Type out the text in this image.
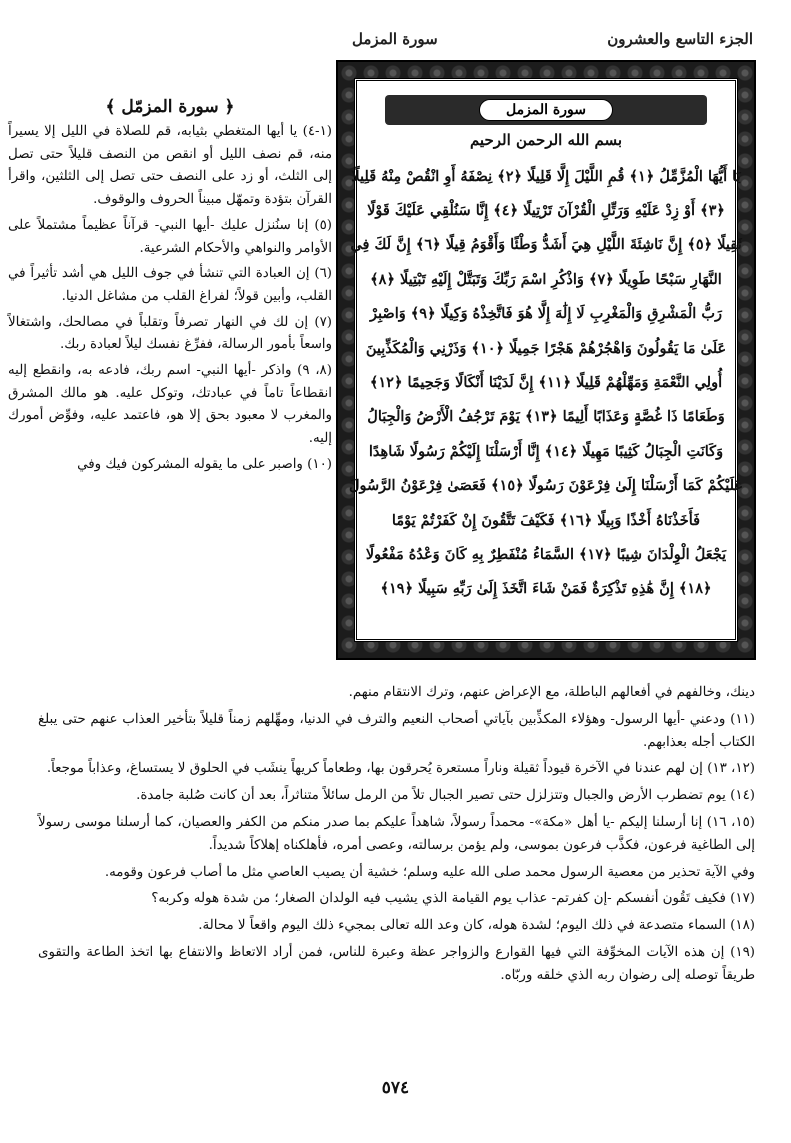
الجزء التاسع والعشرون
سورة المزمل
سورة المزمل
بسم الله الرحمن الرحيم
يَا أَيُّهَا الْمُزَّمِّلُ ﴿١﴾ قُمِ اللَّيْلَ إِلَّا قَلِيلًا ﴿٢﴾ نِصْفَهُ أَوِ انْقُصْ مِنْهُ قَلِيلًا
﴿٣﴾ أَوْ زِدْ عَلَيْهِ وَرَتِّلِ الْقُرْآنَ تَرْتِيلًا ﴿٤﴾ إِنَّا سَنُلْقِي عَلَيْكَ قَوْلًا
ثَقِيلًا ﴿٥﴾ إِنَّ نَاشِئَةَ اللَّيْلِ هِيَ أَشَدُّ وَطْئًا وَأَقْوَمُ قِيلًا ﴿٦﴾ إِنَّ لَكَ فِي
النَّهَارِ سَبْحًا طَوِيلًا ﴿٧﴾ وَاذْكُرِ اسْمَ رَبِّكَ وَتَبَتَّلْ إِلَيْهِ تَبْتِيلًا ﴿٨﴾
رَبُّ الْمَشْرِقِ وَالْمَغْرِبِ لَا إِلَٰهَ إِلَّا هُوَ فَاتَّخِذْهُ وَكِيلًا ﴿٩﴾ وَاصْبِرْ
عَلَىٰ مَا يَقُولُونَ وَاهْجُرْهُمْ هَجْرًا جَمِيلًا ﴿١٠﴾ وَذَرْنِي وَالْمُكَذِّبِينَ
أُولِي النَّعْمَةِ وَمَهِّلْهُمْ قَلِيلًا ﴿١١﴾ إِنَّ لَدَيْنَا أَنْكَالًا وَجَحِيمًا ﴿١٢﴾
وَطَعَامًا ذَا غُصَّةٍ وَعَذَابًا أَلِيمًا ﴿١٣﴾ يَوْمَ تَرْجُفُ الْأَرْضُ وَالْجِبَالُ
وَكَانَتِ الْجِبَالُ كَثِيبًا مَهِيلًا ﴿١٤﴾ إِنَّا أَرْسَلْنَا إِلَيْكُمْ رَسُولًا شَاهِدًا
عَلَيْكُمْ كَمَا أَرْسَلْنَا إِلَىٰ فِرْعَوْنَ رَسُولًا ﴿١٥﴾ فَعَصَىٰ فِرْعَوْنُ الرَّسُولَ
فَأَخَذْنَاهُ أَخْذًا وَبِيلًا ﴿١٦﴾ فَكَيْفَ تَتَّقُونَ إِنْ كَفَرْتُمْ يَوْمًا
يَجْعَلُ الْوِلْدَانَ شِيبًا ﴿١٧﴾ السَّمَاءُ مُنْفَطِرٌ بِهِ كَانَ وَعْدُهُ مَفْعُولًا
﴿١٨﴾ إِنَّ هَٰذِهِ تَذْكِرَةٌ فَمَنْ شَاءَ اتَّخَذَ إِلَىٰ رَبِّهِ سَبِيلًا ﴿١٩﴾
﴿ سورة المزمّل ﴾

(١-٤) يا أيها المتغطي بثيابه، قم للصلاة في الليل إلا يسيراً منه، قم نصف الليل أو انقص من النصف قليلاً حتى تصل إلى الثلث، أو زد على النصف حتى تصل إلى الثلثين، واقرأ القرآن بتؤدة وتمهّل مبيناً الحروف والوقوف.

(٥) إنا سنُنزل عليك -أيها النبي- قرآناً عظيماً مشتملاً على الأوامر والنواهي والأحكام الشرعية.

(٦) إن العبادة التي تنشأ في جوف الليل هي أشد تأثيراً في القلب، وأبين قولاً؛ لفراغ القلب من مشاغل الدنيا.

(٧) إن لك في النهار تصرفاً وتقلباً في مصالحك، واشتغالاً واسعاً بأمور الرسالة، ففرِّغ نفسك ليلاً لعبادة ربك.

(٨، ٩) واذكر -أيها النبي- اسم ربك، فادعه به، وانقطع إليه انقطاعاً تاماً في عبادتك، وتوكل عليه. هو مالك المشرق والمغرب لا معبود بحق إلا هو، فاعتمد عليه، وفوِّض أمورك إليه.

(١٠) واصبر على ما يقوله المشركون فيك وفي

دينك، وخالفهم في أفعالهم الباطلة، مع الإعراض عنهم، وترك الانتقام منهم.

(١١) ودعني -أيها الرسول- وهؤلاء المكذِّبين بآياتي أصحاب النعيم والترف في الدنيا، ومهِّلهم زمناً قليلاً بتأخير العذاب عنهم حتى يبلغ الكتاب أجله بعذابهم.

(١٢، ١٣) إن لهم عندنا في الآخرة قيوداً ثقيلة وناراً مستعرة يُحرقون بها، وطعاماً كريهاً ينشَب في الحلوق لا يستساغ، وعذاباً موجعاً.

(١٤) يوم تضطرب الأرض والجبال وتتزلزل حتى تصير الجبال تلاً من الرمل سائلاً متناثراً، بعد أن كانت صُلبة جامدة.

(١٥، ١٦) إنا أرسلنا إليكم -يا أهل «مكة»- محمداً رسولاً، شاهداً عليكم بما صدر منكم من الكفر والعصيان، كما أرسلنا موسى رسولاً إلى الطاغية فرعون، فكذَّب فرعون بموسى، ولم يؤمن برسالته، وعصى أمره، فأهلكناه إهلاكاً شديداً.

وفي الآية تحذير من معصية الرسول محمد صلى الله عليه وسلم؛ خشية أن يصيب العاصي مثل ما أصاب فرعون وقومه.

(١٧) فكيف تَقُون أنفسكم -إن كفرتم- عذاب يوم القيامة الذي يشيب فيه الولدان الصغار؛ من شدة هوله وكربه؟

(١٨) السماء متصدعة في ذلك اليوم؛ لشدة هوله، كان وعد الله تعالى بمجيء ذلك اليوم واقعاً لا محالة.

(١٩) إن هذه الآيات المخوِّفة التي فيها القوارع والزواجر عظة وعبرة للناس، فمن أراد الاتعاظ والانتفاع بها اتخذ الطاعة والتقوى طريقاً توصله إلى رضوان ربه الذي خلقه وربّاه.

٥٧٤
